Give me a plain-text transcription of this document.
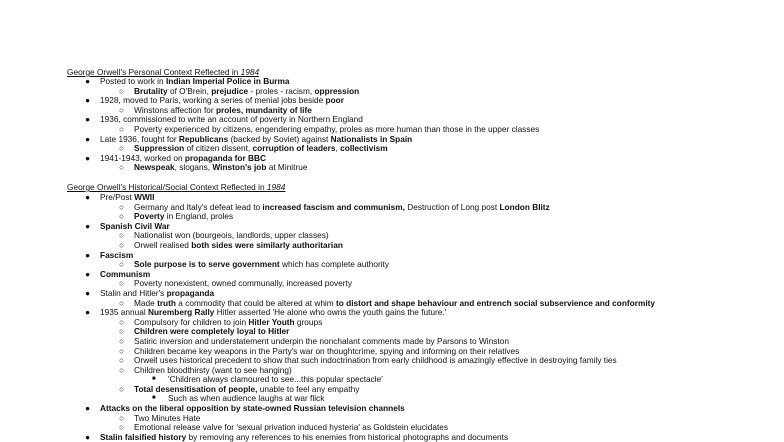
George Orwell's Personal Context Reflected in 1984
● Posted to work in Indian Imperial Police in Burma
○ Brutality of O'Brein, prejudice - proles - racism, oppression
● 1928, moved to Paris, working a series of menial jobs beside poor
○ Winstons affection for proles, mundanity of life
● 1936, commissioned to write an account of poverty in Northern England
○ Poverty experienced by citizens, engendering empathy, proles as more human than those in the upper classes
● Late 1936, fought for Republicans (backed by Soviet) against Nationalists in Spain
○ Suppression of citizen dissent, corruption of leaders, collectivism
● 1941-1943, worked on propaganda for BBC
○ Newspeak, slogans, Winston's job at Minitrue
George Orwell's Historical/Social Context Reflected in 1984
● Pre/Post WWII
○ Germany and Italy's defeat lead to increased fascism and communism, Destruction of Long post London Blitz
○ Poverty in England, proles
● Spanish Civil War
○ Nationalist won (bourgeois, landlords, upper classes)
○ Orwell realised both sides were similarly authoritarian
● Fascism
○ Sole purpose is to serve government which has complete authority
● Communism
○ Poverty nonexistent, owned communally, increased poverty
● Stalin and Hitler's propaganda
○ Made truth a commodity that could be altered at whim to distort and shape behaviour and entrench social subservience and conformity
● 1935 annual Nuremberg Rally Hitler asserted 'He alone who owns the youth gains the future.'
○ Compulsory for children to join Hitler Youth groups
○ Children were completely loyal to Hitler
○ Satiric inversion and understatement underpin the nonchalant comments made by Parsons to Winston
○ Children became key weapons in the Party's war on thoughtcrime, spying and informing on their relatives
○ Orwell uses historical precedent to show that such indoctrination from early childhood is amazingly effective in destroying family ties
○ Children bloodthirsty (want to see hanging)
■ 'Children always clamoured to see...this popular spectacle'
○ Total desensitisation of people, unable to feel any empathy
■ Such as when audience laughs at war flick
● Attacks on the liberal opposition by state-owned Russian television channels
○ Two Minutes Hate
○ Emotional release valve for 'sexual privation induced hysteria' as Goldstein elucidates
● Stalin falsified history by removing any references to his enemies from historical photographs and documents
